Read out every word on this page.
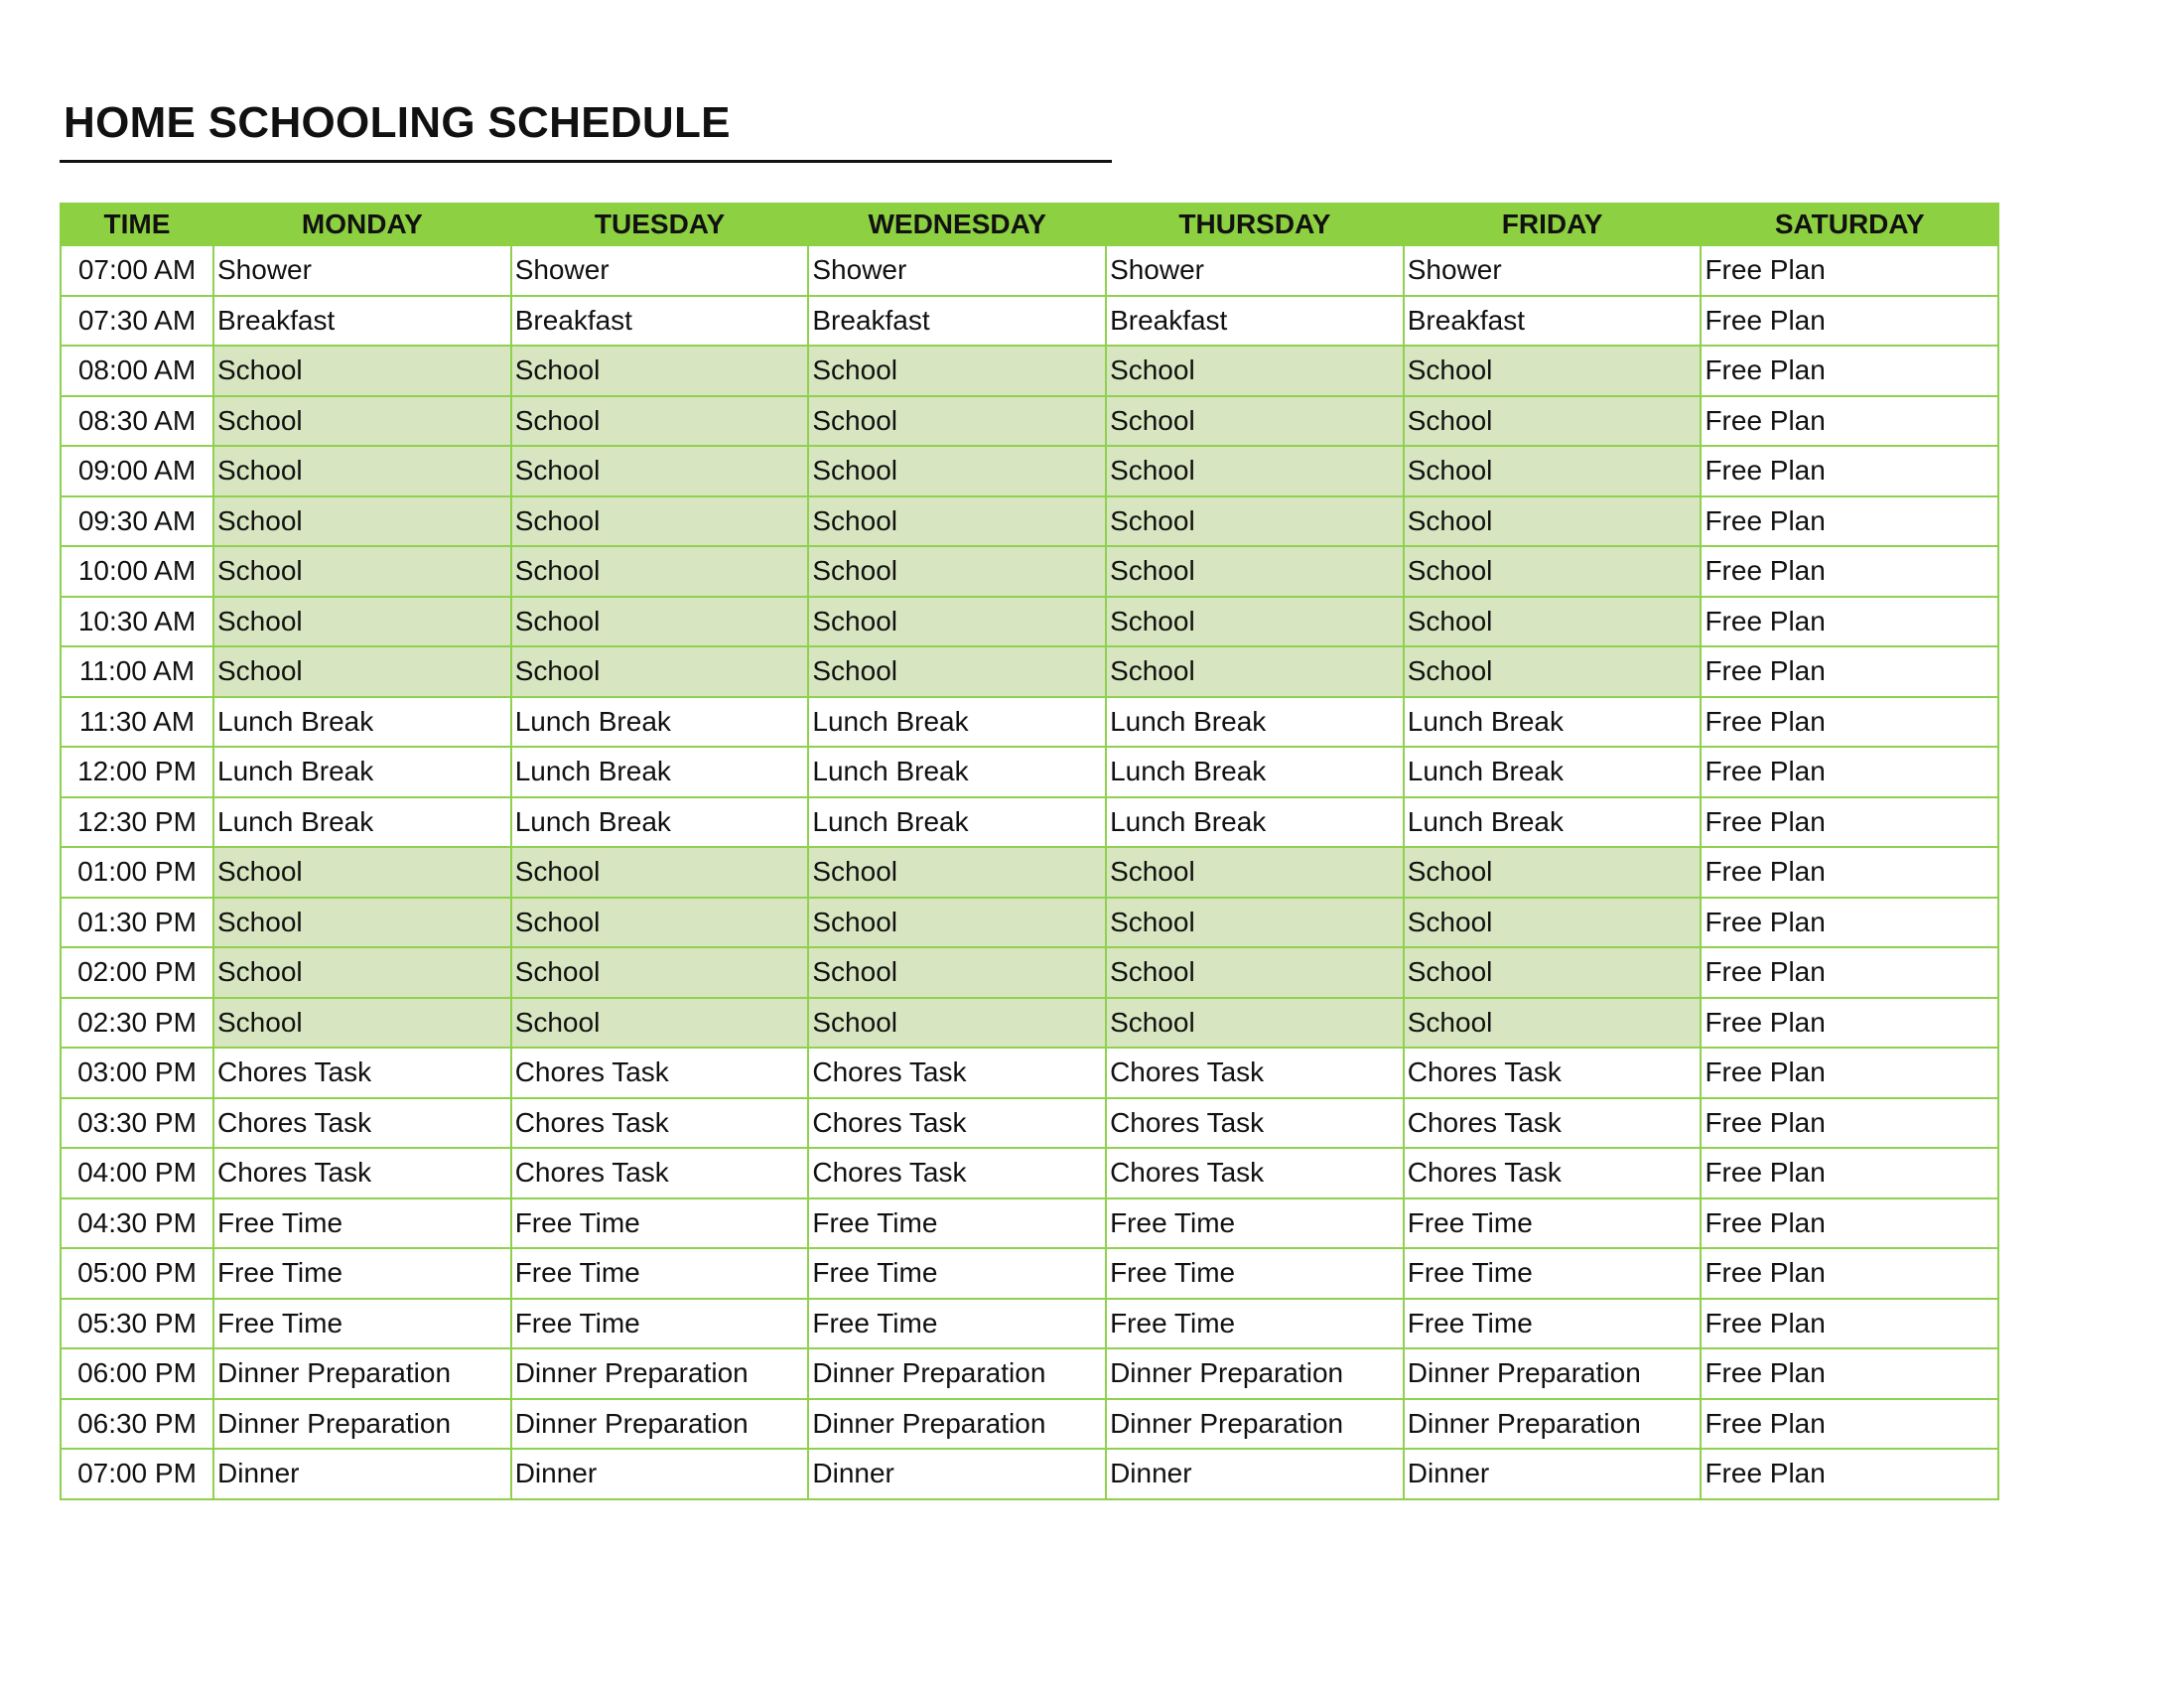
HOME SCHOOLING SCHEDULE
TIME	MONDAY	TUESDAY	WEDNESDAY	THURSDAY	FRIDAY	SATURDAY
07:00 AM	Shower	Shower	Shower	Shower	Shower	Free Plan
07:30 AM	Breakfast	Breakfast	Breakfast	Breakfast	Breakfast	Free Plan
08:00 AM	School	School	School	School	School	Free Plan
08:30 AM	School	School	School	School	School	Free Plan
09:00 AM	School	School	School	School	School	Free Plan
09:30 AM	School	School	School	School	School	Free Plan
10:00 AM	School	School	School	School	School	Free Plan
10:30 AM	School	School	School	School	School	Free Plan
11:00 AM	School	School	School	School	School	Free Plan
11:30 AM	Lunch Break	Lunch Break	Lunch Break	Lunch Break	Lunch Break	Free Plan
12:00 PM	Lunch Break	Lunch Break	Lunch Break	Lunch Break	Lunch Break	Free Plan
12:30 PM	Lunch Break	Lunch Break	Lunch Break	Lunch Break	Lunch Break	Free Plan
01:00 PM	School	School	School	School	School	Free Plan
01:30 PM	School	School	School	School	School	Free Plan
02:00 PM	School	School	School	School	School	Free Plan
02:30 PM	School	School	School	School	School	Free Plan
03:00 PM	Chores Task	Chores Task	Chores Task	Chores Task	Chores Task	Free Plan
03:30 PM	Chores Task	Chores Task	Chores Task	Chores Task	Chores Task	Free Plan
04:00 PM	Chores Task	Chores Task	Chores Task	Chores Task	Chores Task	Free Plan
04:30 PM	Free Time	Free Time	Free Time	Free Time	Free Time	Free Plan
05:00 PM	Free Time	Free Time	Free Time	Free Time	Free Time	Free Plan
05:30 PM	Free Time	Free Time	Free Time	Free Time	Free Time	Free Plan
06:00 PM	Dinner Preparation	Dinner Preparation	Dinner Preparation	Dinner Preparation	Dinner Preparation	Free Plan
06:30 PM	Dinner Preparation	Dinner Preparation	Dinner Preparation	Dinner Preparation	Dinner Preparation	Free Plan
07:00 PM	Dinner	Dinner	Dinner	Dinner	Dinner	Free Plan
